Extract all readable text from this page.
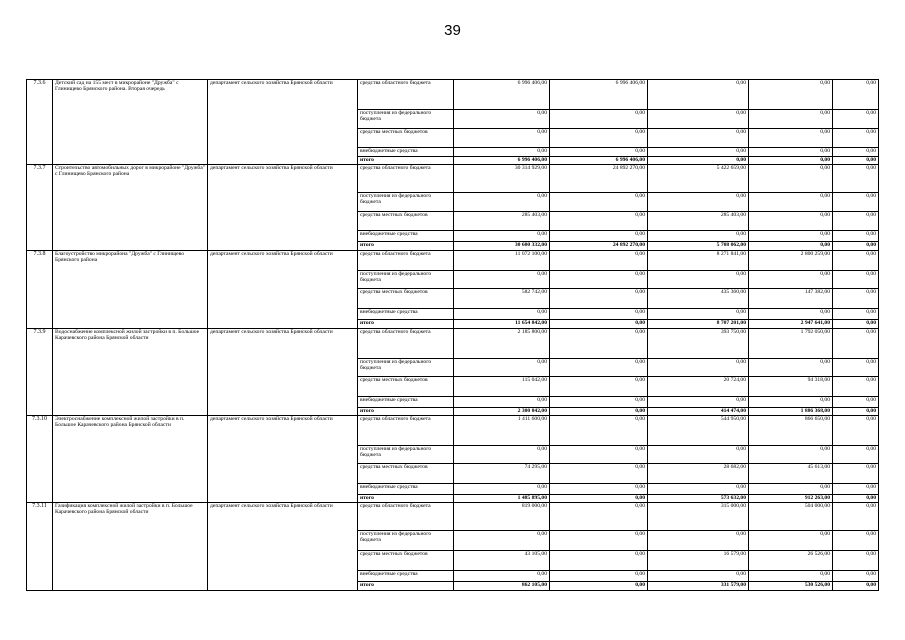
39
7.3.6	Детский сад на 155 мест в микрорайоне "Дружба" с Глинищево Брянского района. Вторая очередь	департамент сельского хозяйства Брянской области	средства областного бюджета	6 996 406,00	6 996 406,00	0,00	0,00	0,00	
			поступления из федерального бюджета	0,00	0,00	0,00	0,00	0,00	
			средства местных бюджетов	0,00	0,00	0,00	0,00	0,00	
			внебюджетные средства	0,00	0,00	0,00	0,00	0,00	
			итого	6 996 406,00	6 996 406,00	0,00	0,00	0,00	
7.3.7	Строительство автомобильных дорог в микрорайоне "Дружба" с Глинищево Брянского района	департамент сельского хозяйства Брянской области	средства областного бюджета	30 314 929,00	24 892 270,00	5 422 659,00	0,00	0,00	
			поступления из федерального бюджета	0,00	0,00	0,00	0,00	0,00	
			средства местных бюджетов	285 403,00	0,00	285 403,00	0,00	0,00	
			внебюджетные средства	0,00	0,00	0,00	0,00	0,00	
			итого	30 600 332,00	24 892 270,00	5 708 062,00	0,00	0,00	
7.3.8	Благоустройство микрорайона "Дружба" с Глинищево Брянского района	департамент сельского хозяйства Брянской области	средства областного бюджета	11 072 100,00	0,00	8 271 841,00	2 800 259,00	0,00	
			поступления из федерального бюджета	0,00	0,00	0,00	0,00	0,00	
			средства местных бюджетов	582 742,00	0,00	435 360,00	147 382,00	0,00	
			внебюджетные средства	0,00	0,00	0,00	0,00	0,00	
			итого	11 654 842,00	0,00	8 707 201,00	2 947 641,00	0,00	
7.3.9	Водоснабжение комплексной жилой застройки в п. Большое Карачевского района Брянской области	департамент сельского хозяйства Брянской области	средства областного бюджета	2 185 800,00	0,00	393 750,00	1 792 050,00	0,00	
			поступления из федерального бюджета	0,00	0,00	0,00	0,00	0,00	
			средства местных бюджетов	115 042,00	0,00	20 724,00	94 318,00	0,00	
			внебюджетные средства	0,00	0,00	0,00	0,00	0,00	
			итого	2 300 842,00	0,00	414 474,00	1 886 368,00	0,00	
7.3.10	Электроснабжение комплексной жилой застройки в п. Большое Карачевского района Брянской области	департамент сельского хозяйства Брянской области	средства областного бюджета	1 411 600,00	0,00	544 950,00	866 650,00	0,00	
			поступления из федерального бюджета	0,00	0,00	0,00	0,00	0,00	
			средства местных бюджетов	74 295,00	0,00	28 682,00	45 613,00	0,00	
			внебюджетные средства	0,00	0,00	0,00	0,00	0,00	
			итого	1 485 895,00	0,00	573 632,00	912 263,00	0,00	
7.3.11	Газификация комплексной жилой застройки в п. Большое Карачевского района Брянской области	департамент сельского хозяйства Брянской области	средства областного бюджета	819 000,00	0,00	315 000,00	504 000,00	0,00	
			поступления из федерального бюджета	0,00	0,00	0,00	0,00	0,00	
			средства местных бюджетов	43 105,00	0,00	16 579,00	26 526,00	0,00	
			внебюджетные средства	0,00	0,00	0,00	0,00	0,00	
			итого	862 105,00	0,00	331 579,00	530 526,00	0,00	
